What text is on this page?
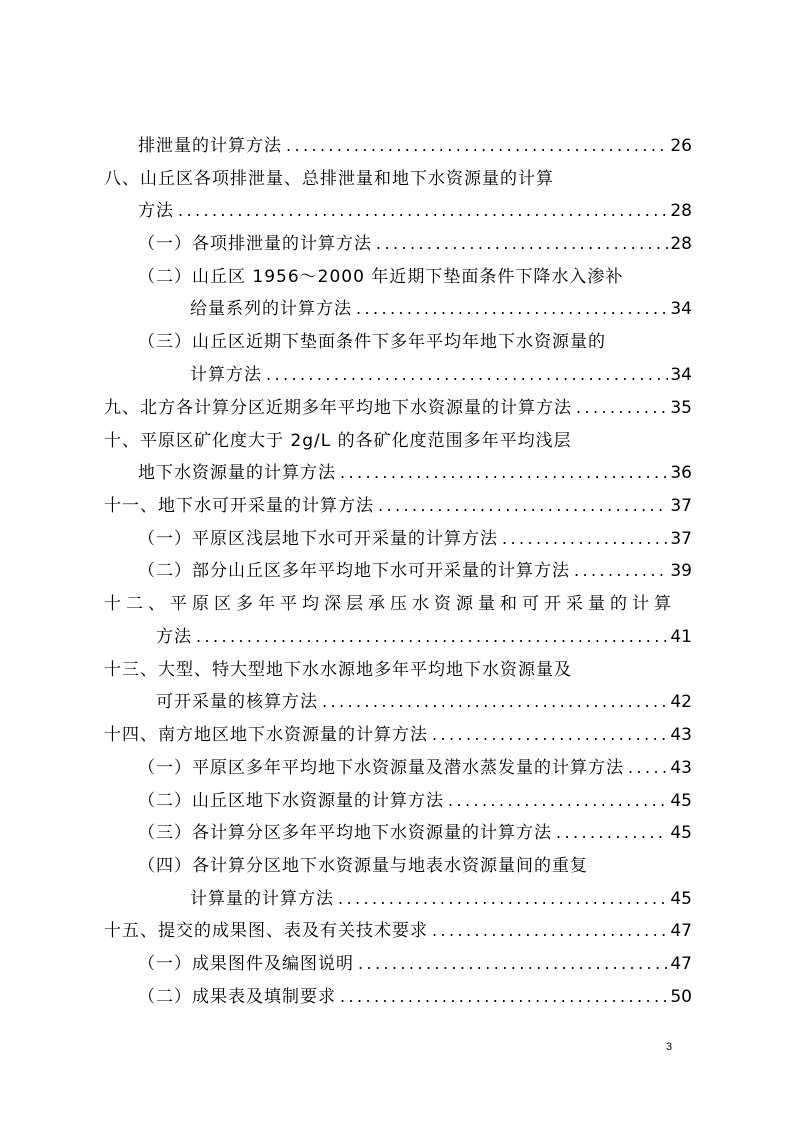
排泄量的计算方法 .....	26
八、山丘区各项排泄量、总排泄量和地下水资源量的计算
方法 .....	28
（一）各项排泄量的计算方法 .....	28
（二）山丘区 1956～2000 年近期下垫面条件下降水入渗补
给量系列的计算方法 .....	34
（三）山丘区近期下垫面条件下多年平均年地下水资源量的
计算方法 .....	34
九、北方各计算分区近期多年平均地下水资源量的计算方法 .....	35
十、平原区矿化度大于 2g/L 的各矿化度范围多年平均浅层
地下水资源量的计算方法 .....	36
十一、地下水可开采量的计算方法 .....	37
（一）平原区浅层地下水可开采量的计算方法 .....	37
（二）部分山丘区多年平均地下水可开采量的计算方法 .....	39
十二、平原区多年平均深层承压水资源量和可开采量的计算
方法 .....	41
十三、大型、特大型地下水水源地多年平均地下水资源量及
可开采量的核算方法 .....	42
十四、南方地区地下水资源量的计算方法 .....	43
（一）平原区多年平均地下水资源量及潜水蒸发量的计算方法 .....	43
（二）山丘区地下水资源量的计算方法 .....	45
（三）各计算分区多年平均地下水资源量的计算方法 .....	45
（四）各计算分区地下水资源量与地表水资源量间的重复
计算量的计算方法 .....	45
十五、提交的成果图、表及有关技术要求 .....	47
（一）成果图件及编图说明 .....	47
（二）成果表及填制要求 .....	50
3
